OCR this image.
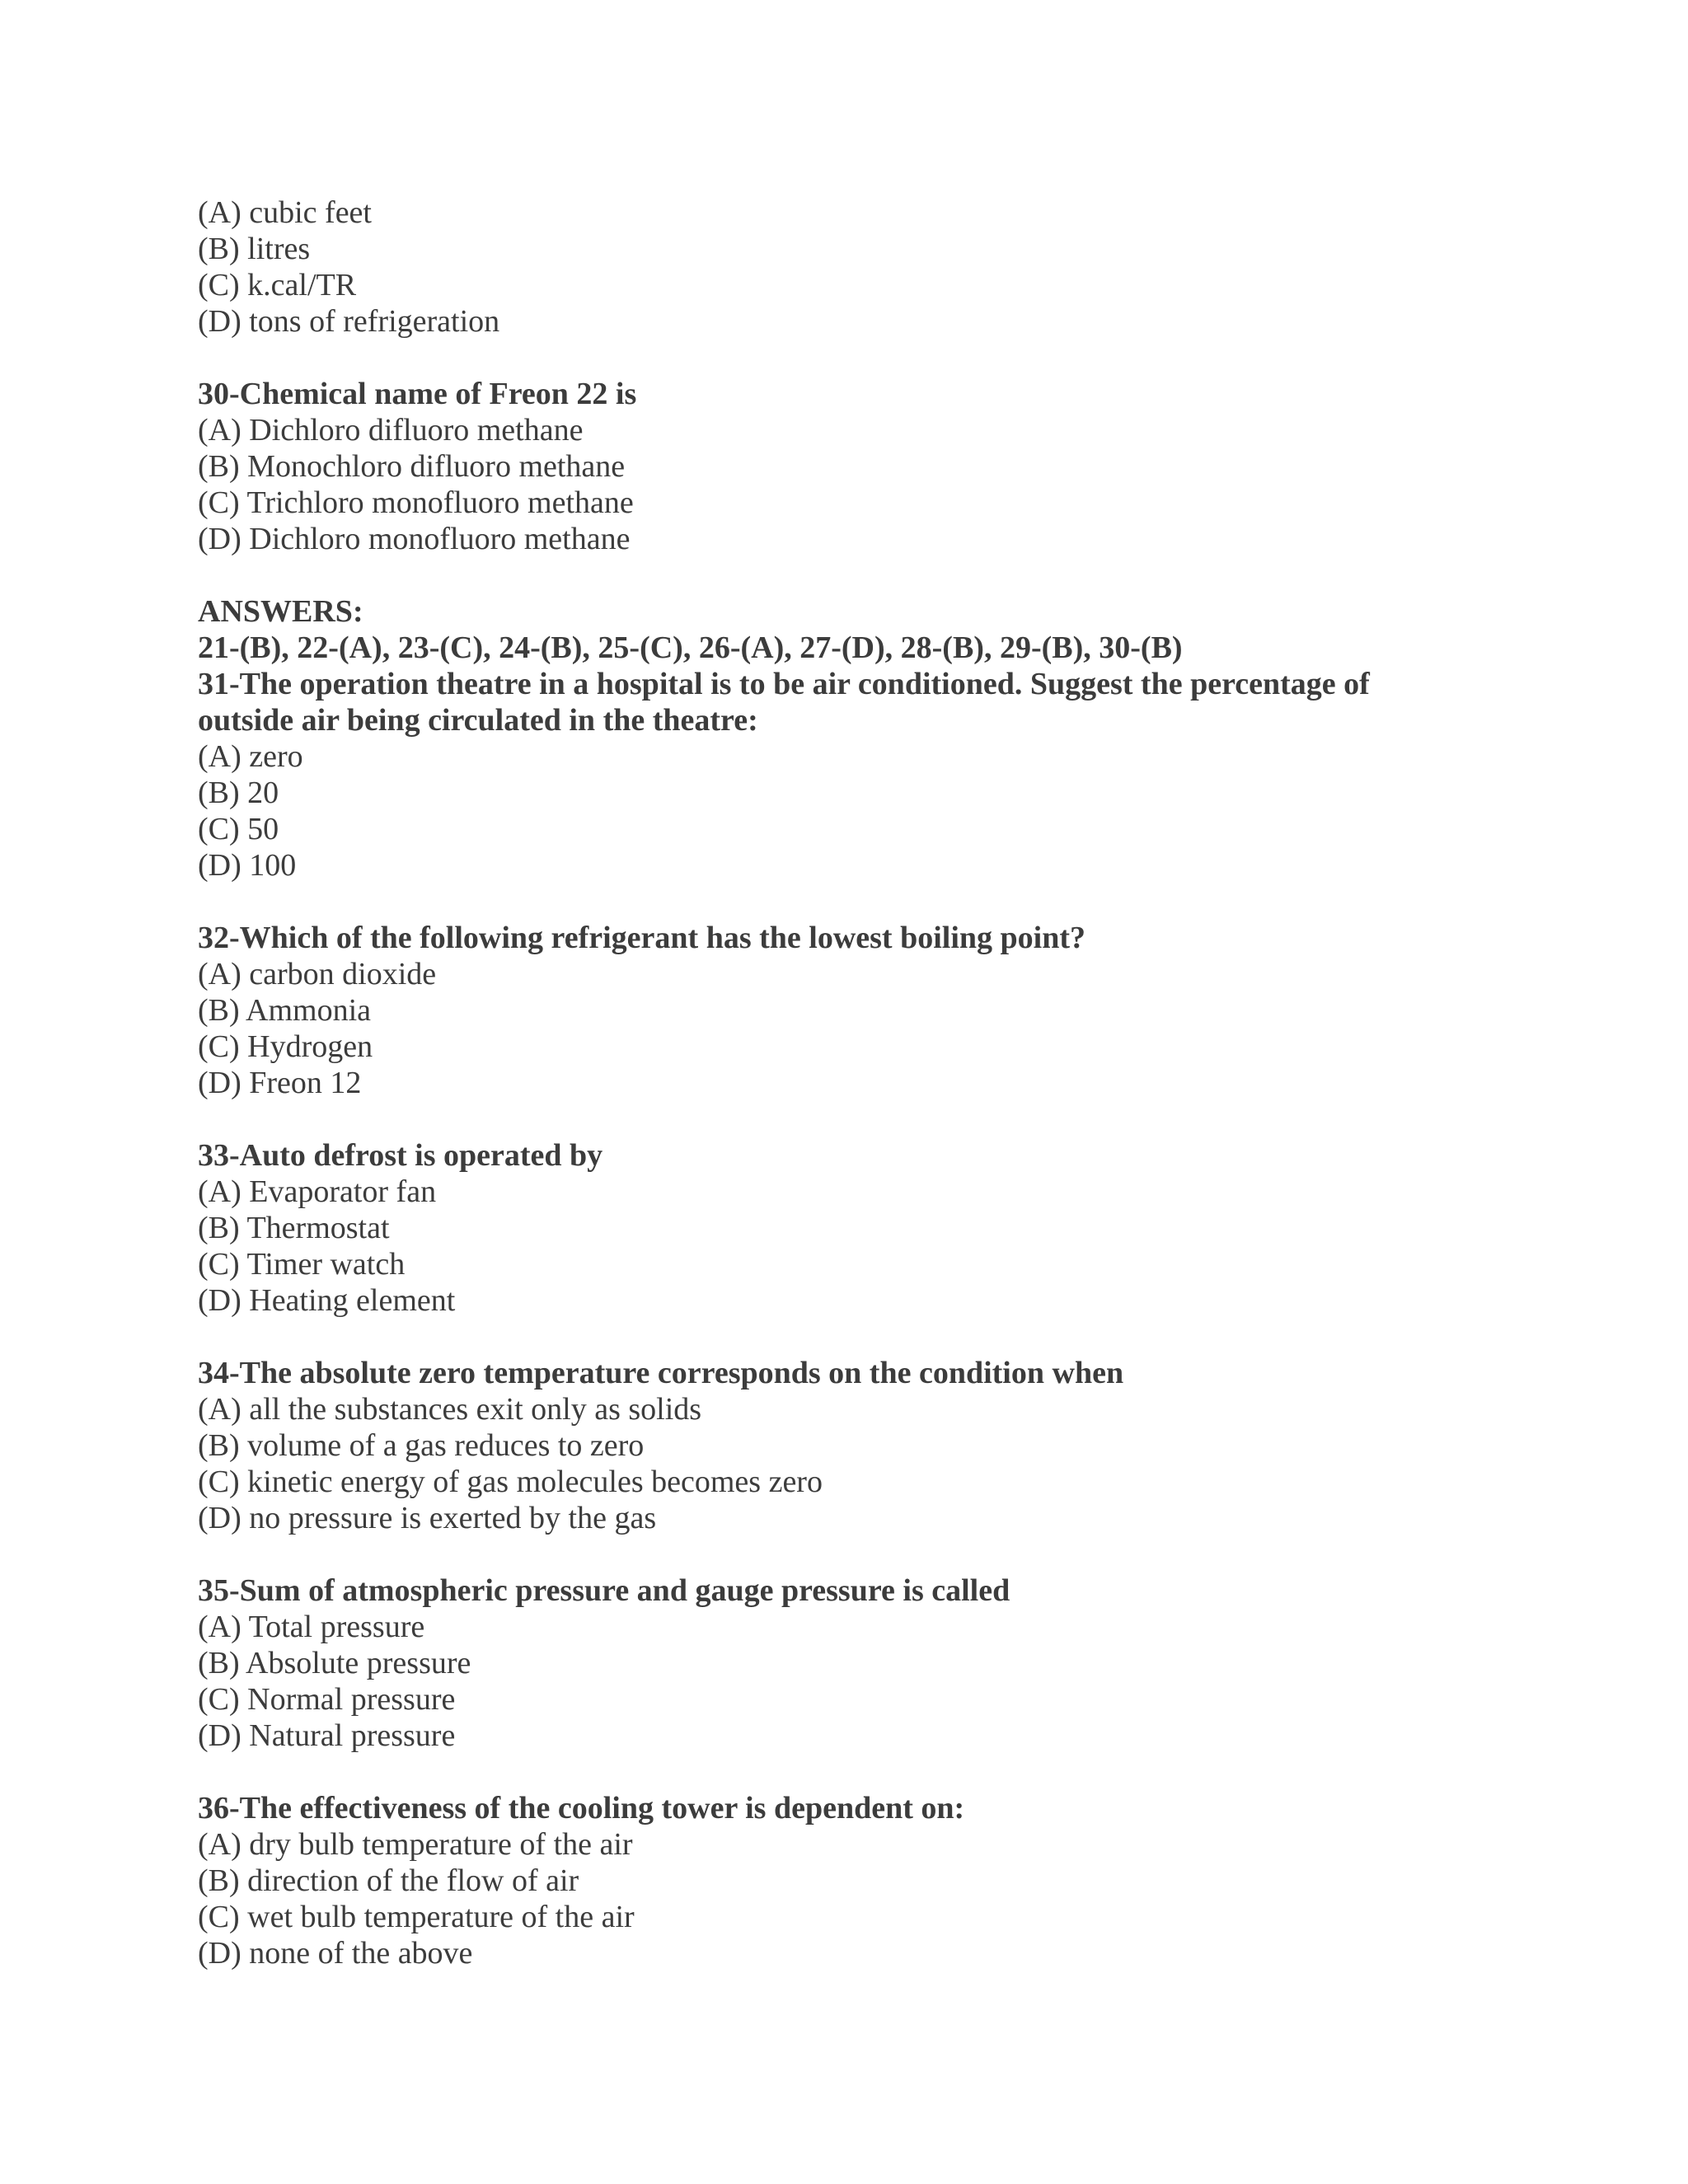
(A) cubic feet
(B) litres
(C) k.cal/TR
(D) tons of refrigeration
30-Chemical name of Freon 22 is
(A) Dichloro difluoro methane
(B) Monochloro difluoro methane
(C) Trichloro monofluoro methane
(D) Dichloro monofluoro methane
ANSWERS:
21-(B), 22-(A), 23-(C), 24-(B), 25-(C), 26-(A), 27-(D), 28-(B), 29-(B), 30-(B)
31-The operation theatre in a hospital is to be air conditioned. Suggest the percentage of
outside air being circulated in the theatre:
(A) zero
(B) 20
(C) 50
(D) 100
32-Which of the following refrigerant has the lowest boiling point?
(A) carbon dioxide
(B) Ammonia
(C) Hydrogen
(D) Freon 12
33-Auto defrost is operated by
(A) Evaporator fan
(B) Thermostat
(C) Timer watch
(D) Heating element
34-The absolute zero temperature corresponds on the condition when
(A) all the substances exit only as solids
(B) volume of a gas reduces to zero
(C) kinetic energy of gas molecules becomes zero
(D) no pressure is exerted by the gas
35-Sum of atmospheric pressure and gauge pressure is called
(A) Total pressure
(B) Absolute pressure
(C) Normal pressure
(D) Natural pressure
36-The effectiveness of the cooling tower is dependent on:
(A) dry bulb temperature of the air
(B) direction of the flow of air
(C) wet bulb temperature of the air
(D) none of the above
